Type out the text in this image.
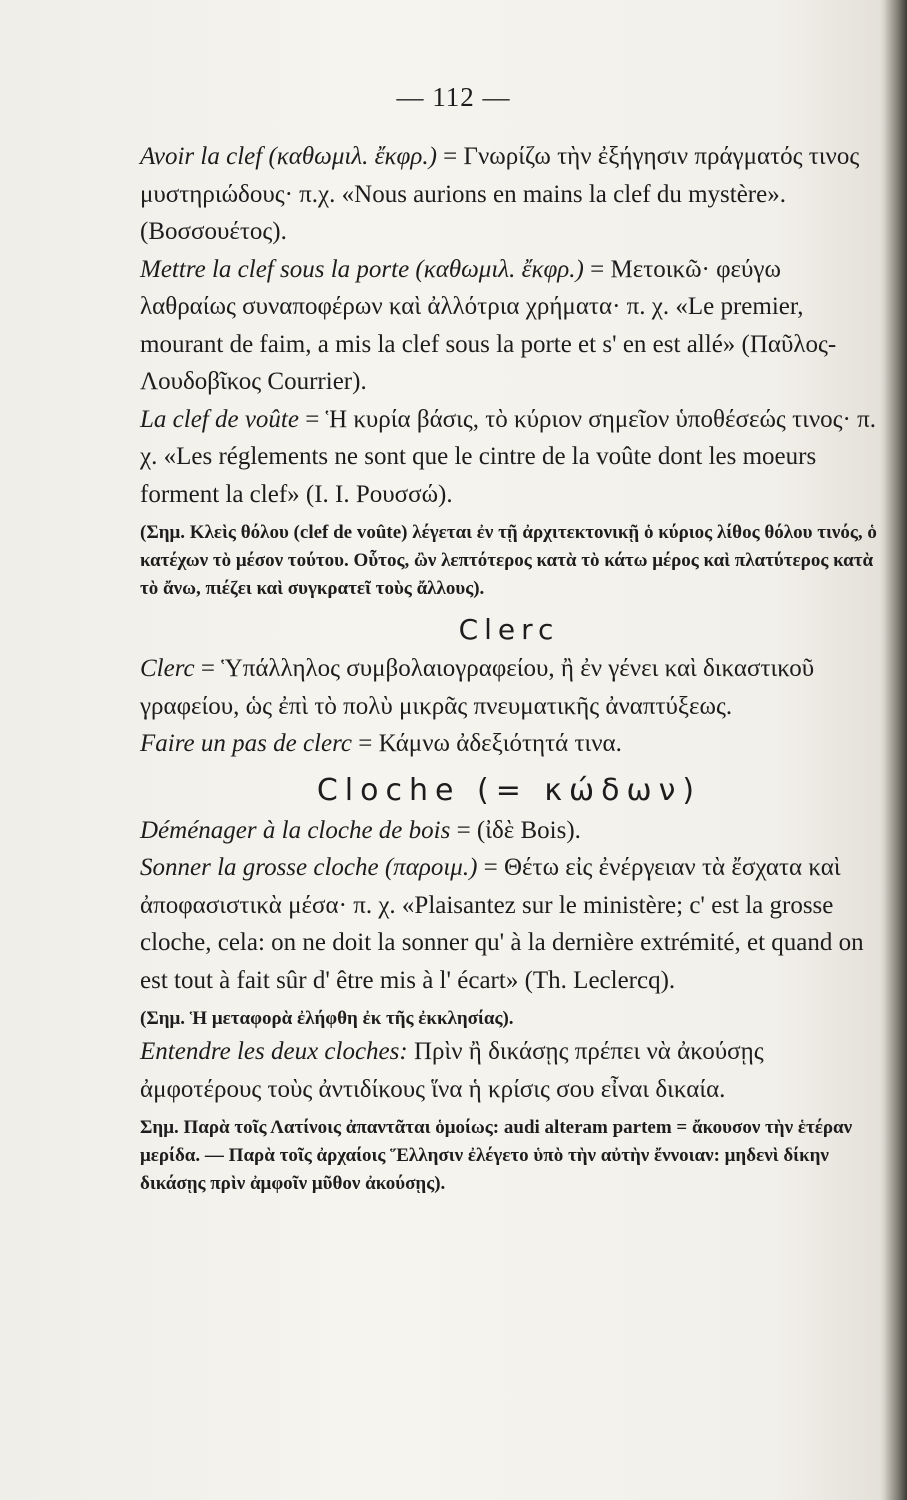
— 112 —

Avoir la clef (καθωμιλ. ἔκφρ.) = Γνωρίζω τὴν ἐξήγησιν πράγματός τινος μυστηριώδους· π.χ. «Nous aurions en mains la clef du mystère». (Βοσσουέτος).

Mettre la clef sous la porte (καθωμιλ. ἔκφρ.) = Μετοικῶ· φεύγω λαθραίως συναποφέρων καὶ ἀλλότρια χρήματα· π. χ. «Le premier, mourant de faim, a mis la clef sous la porte et s' en est allé» (Παῦλος-Λουδοβῖκος Courrier).

La clef de voûte = Ἡ κυρία βάσις, τὸ κύριον σημεῖον ὑποθέσεώς τινος· π. χ. «Les réglements ne sont que le cintre de la voûte dont les moeurs forment la clef» (I. I. Ρουσσώ).

(Σημ. Κλεὶς θόλου (clef de voûte) λέγεται ἐν τῇ ἀρχιτεκτονικῇ ὁ κύριος λίθος θόλου τινός, ὁ κατέχων τὸ μέσον τούτου. Οὗτος, ὢν λεπτότερος κατὰ τὸ κάτω μέρος καὶ πλατύτερος κατὰ τὸ ἄνω, πιέζει καὶ συγκρατεῖ τοὺς ἄλλους).

Clerc

Clerc = Ὑπάλληλος συμβολαιογραφείου, ἢ ἐν γένει καὶ δικαστικοῦ γραφείου, ὡς ἐπὶ τὸ πολὺ μικρᾶς πνευματικῆς ἀναπτύξεως.

Faire un pas de clerc = Κάμνω ἀδεξιότητά τινα.

Cloche (= κώδων)

Déménager à la cloche de bois = (ἰδὲ Bois).

Sonner la grosse cloche (παροιμ.) = Θέτω εἰς ἐνέργειαν τὰ ἔσχατα καὶ ἀποφασιστικὰ μέσα· π. χ. «Plaisantez sur le ministère; c' est la grosse cloche, cela: on ne doit la sonner qu' à la dernière extrémité, et quand on est tout à fait sûr d' être mis à l' écart» (Th. Leclercq).

(Σημ. Ἡ μεταφορὰ ἐλήφθη ἐκ τῆς ἐκκλησίας).

Entendre les deux cloches: Πρὶν ἢ δικάσῃς πρέπει νὰ ἀκούσῃς ἀμφοτέρους τοὺς ἀντιδίκους ἵνα ἡ κρίσις σου εἶναι δικαία.

Σημ. Παρὰ τοῖς Λατίνοις ἀπαντᾶται ὁμοίως: audi alteram partem = ἄκουσον τὴν ἑτέραν μερίδα. — Παρὰ τοῖς ἀρχαίοις Ἕλλησιν ἐλέγετο ὑπὸ τὴν αὐτὴν ἔννοιαν: μηδενὶ δίκην δικάσῃς πρὶν ἀμφοῖν μῦθον ἀκούσῃς).
